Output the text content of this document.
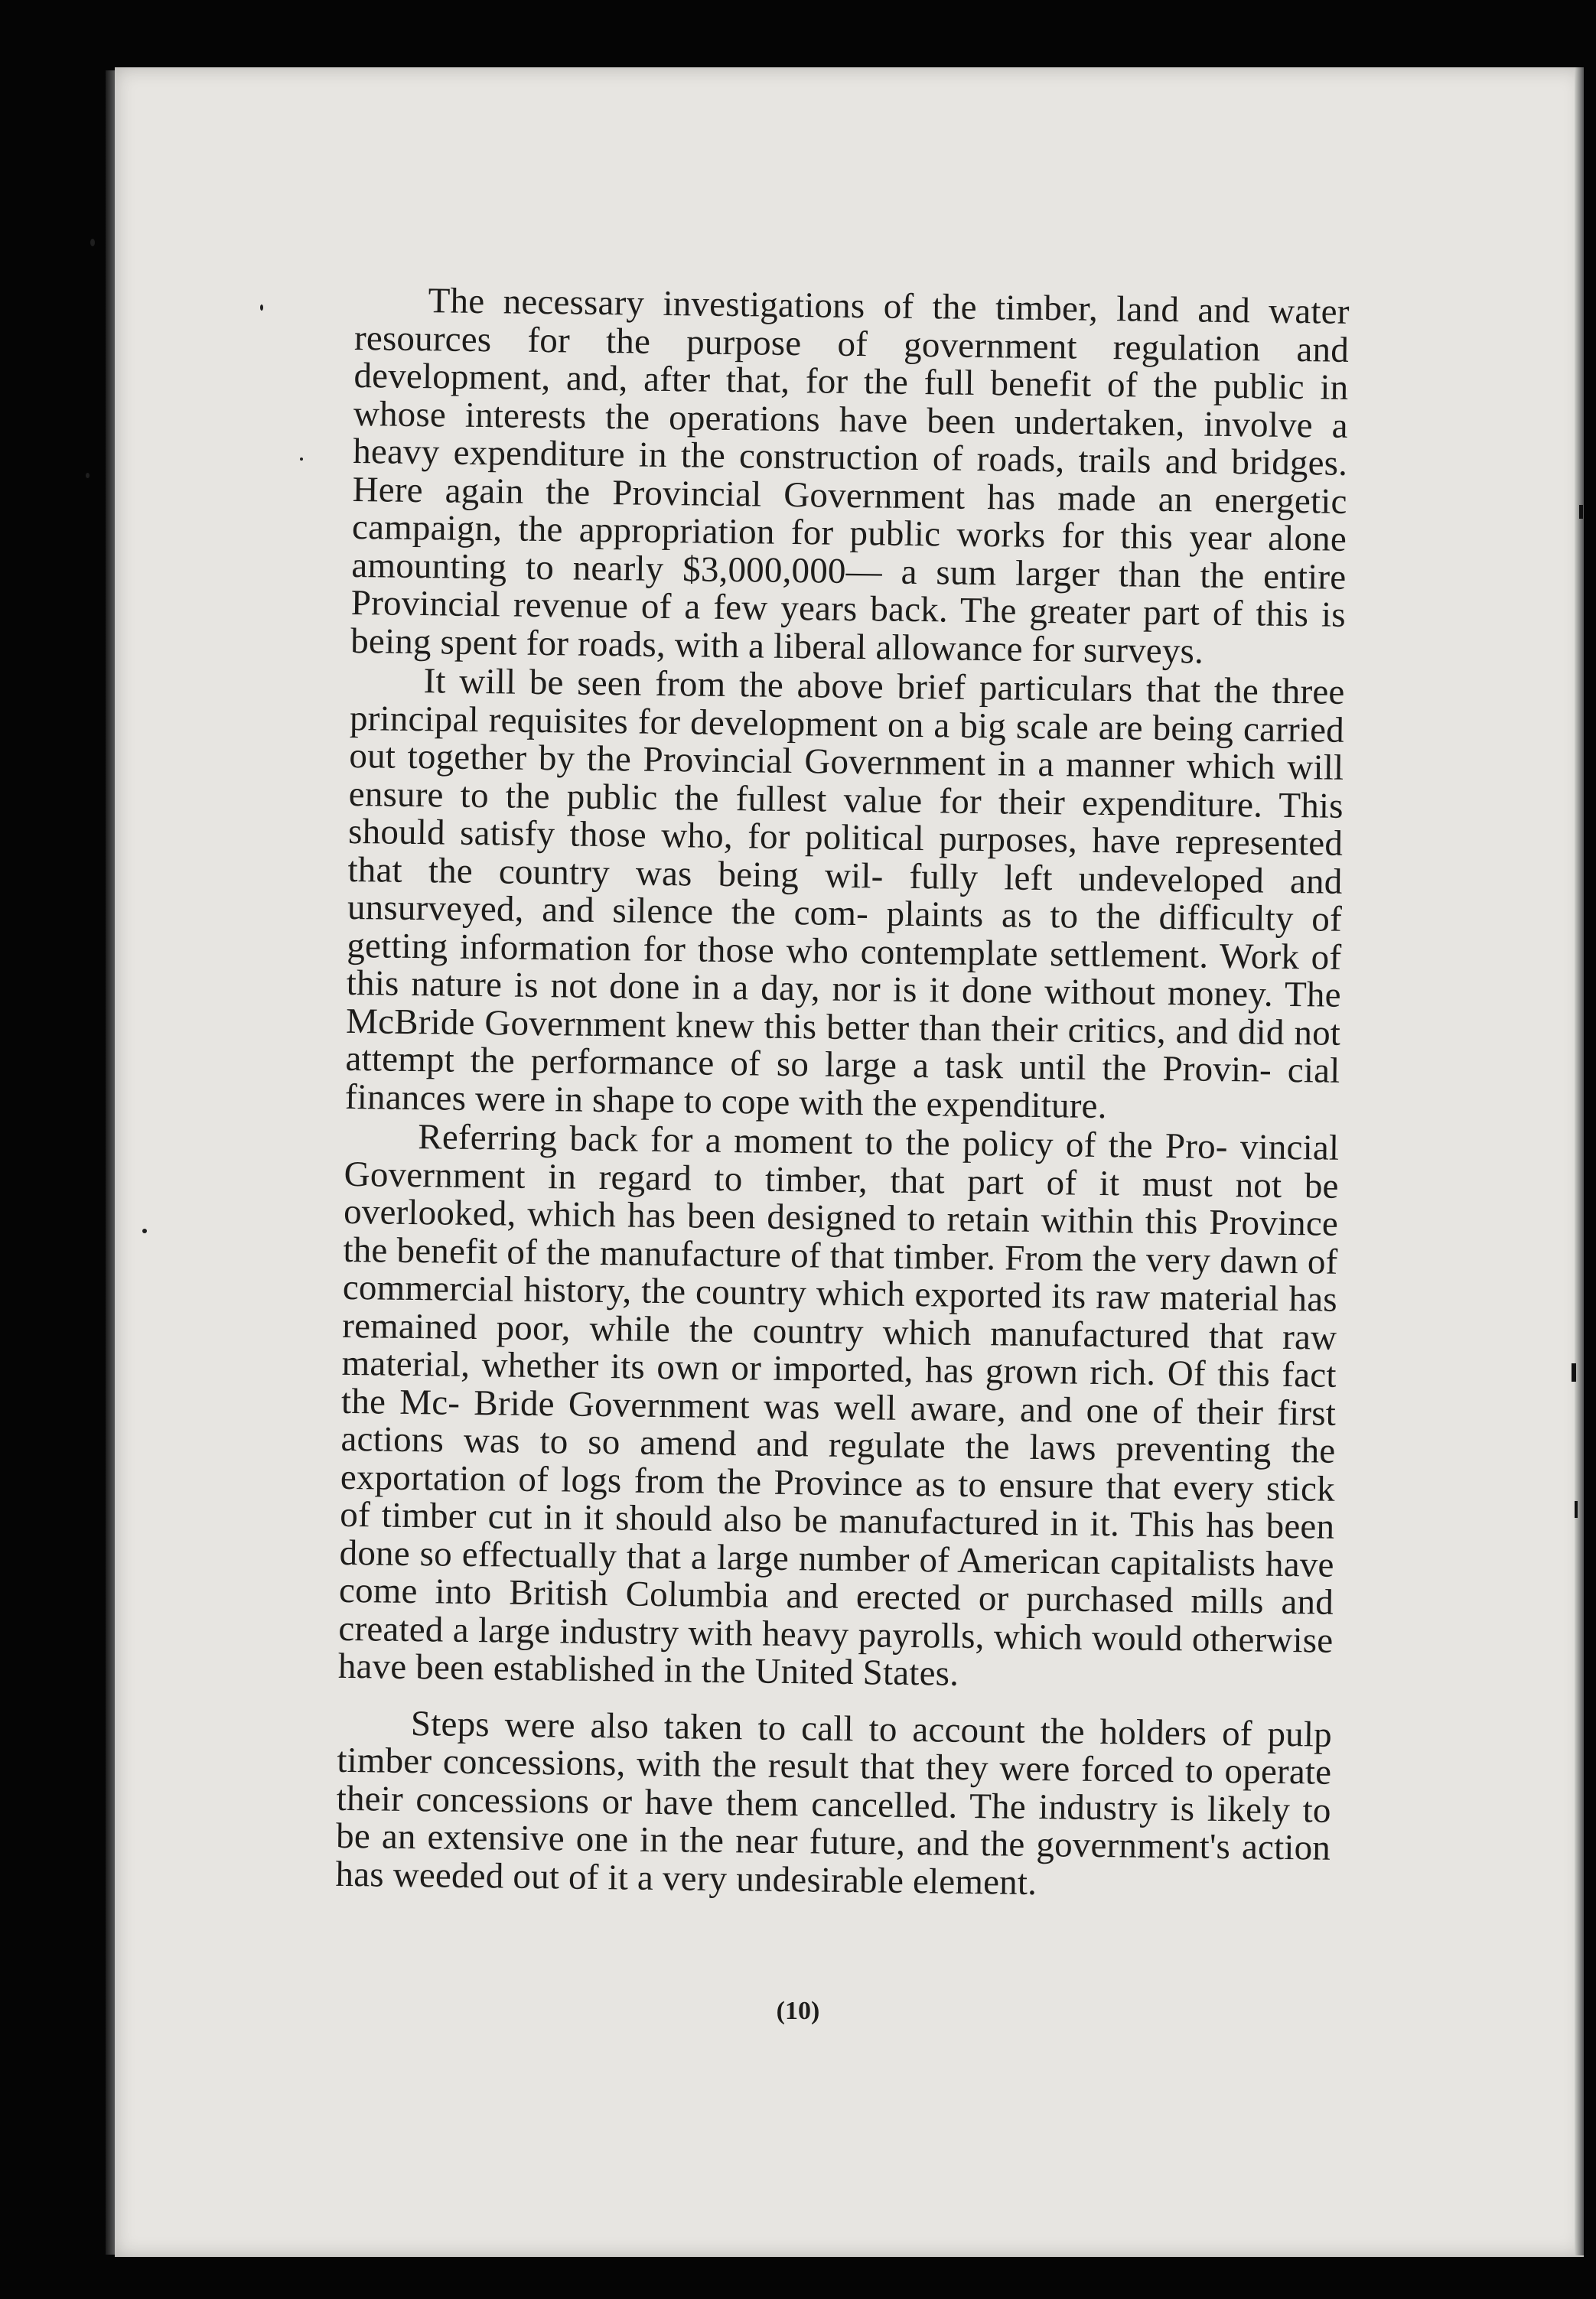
The necessary investigations of the timber, land and water resources for the purpose of government regulation and development, and, after that, for the full benefit of the public in whose interests the operations have been undertaken, involve a heavy expenditure in the construction of roads, trails and bridges. Here again the Provincial Government has made an energetic campaign, the appropriation for public works for this year alone amounting to nearly $3,000,000— a sum larger than the entire Provincial revenue of a few years back. The greater part of this is being spent for roads, with a liberal allowance for surveys.

It will be seen from the above brief particulars that the three principal requisites for development on a big scale are being carried out together by the Provincial Government in a manner which will ensure to the public the fullest value for their expenditure. This should satisfy those who, for political purposes, have represented that the country was being wil- fully left undeveloped and unsurveyed, and silence the com- plaints as to the difficulty of getting information for those who contemplate settlement. Work of this nature is not done in a day, nor is it done without money. The McBride Government knew this better than their critics, and did not attempt the performance of so large a task until the Provin- cial finances were in shape to cope with the expenditure.

Referring back for a moment to the policy of the Pro- vincial Government in regard to timber, that part of it must not be overlooked, which has been designed to retain within this Province the benefit of the manufacture of that timber. From the very dawn of commercial history, the country which exported its raw material has remained poor, while the country which manufactured that raw material, whether its own or imported, has grown rich. Of this fact the Mc- Bride Government was well aware, and one of their first actions was to so amend and regulate the laws preventing the exportation of logs from the Province as to ensure that every stick of timber cut in it should also be manufactured in it. This has been done so effectually that a large number of American capitalists have come into British Columbia and erected or purchased mills and created a large industry with heavy payrolls, which would otherwise have been established in the United States.

Steps were also taken to call to account the holders of pulp timber concessions, with the result that they were forced to operate their concessions or have them cancelled. The industry is likely to be an extensive one in the near future, and the government's action has weeded out of it a very undesirable element.

(10)
